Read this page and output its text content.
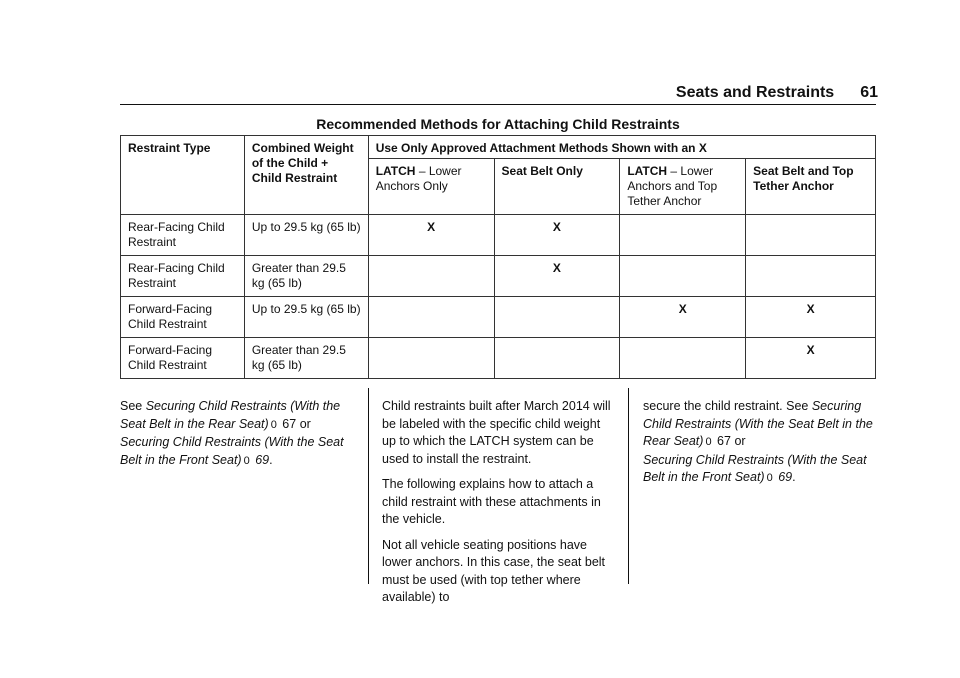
Seats and Restraints 61
Recommended Methods for Attaching Child Restraints
Restraint Type	Combined Weight of the Child + Child Restraint	Use Only Approved Attachment Methods Shown with an X			
		LATCH – Lower Anchors Only	Seat Belt Only	LATCH – Lower Anchors and Top Tether Anchor	Seat Belt and Top Tether Anchor
Rear-Facing Child Restraint	Up to 29.5 kg (65 lb)	X	X		
Rear-Facing Child Restraint	Greater than 29.5 kg (65 lb)		X		
Forward-Facing Child Restraint	Up to 29.5 kg (65 lb)			X	X
Forward-Facing Child Restraint	Greater than 29.5 kg (65 lb)				X

See Securing Child Restraints (With the Seat Belt in the Rear Seat) 0 67 or
Securing Child Restraints (With the Seat Belt in the Front Seat) 0 69.

Child restraints built after March 2014 will be labeled with the specific child weight up to which the LATCH system can be used to install the restraint.

The following explains how to attach a child restraint with these attachments in the vehicle.

Not all vehicle seating positions have lower anchors. In this case, the seat belt must be used (with top tether where available) to

secure the child restraint. See Securing Child Restraints (With the Seat Belt in the Rear Seat) 0 67 or
Securing Child Restraints (With the Seat Belt in the Front Seat) 0 69.
